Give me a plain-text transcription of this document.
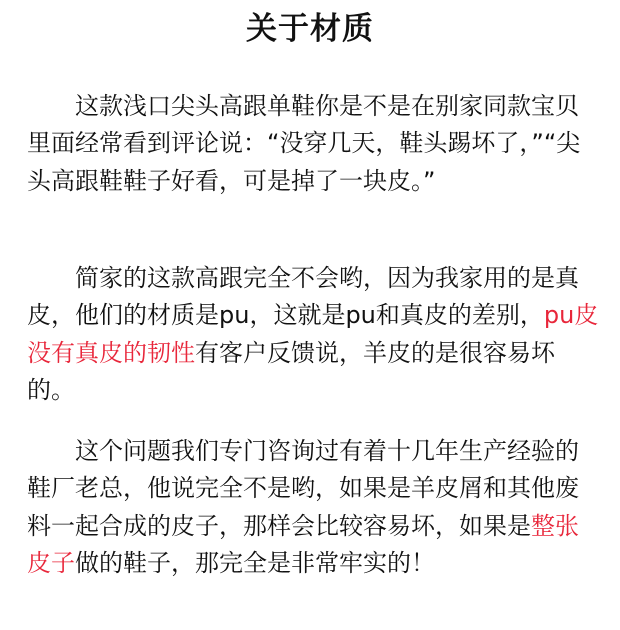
关于材质

这款浅口尖头高跟单鞋你是不是在别家同款宝贝里面经常看到评论说：“没穿几天，鞋头踢坏了，”“尖头高跟鞋鞋子好看，可是掉了一块皮。”

简家的这款高跟完全不会哟，因为我家用的是真皮，他们的材质是pu，这就是pu和真皮的差别，pu皮没有真皮的韧性有客户反馈说，羊皮的是很容易坏的。

这个问题我们专门咨询过有着十几年生产经验的鞋厂老总，他说完全不是哟，如果是羊皮屑和其他废料一起合成的皮子，那样会比较容易坏，如果是整张皮子做的鞋子，那完全是非常牢实的！
